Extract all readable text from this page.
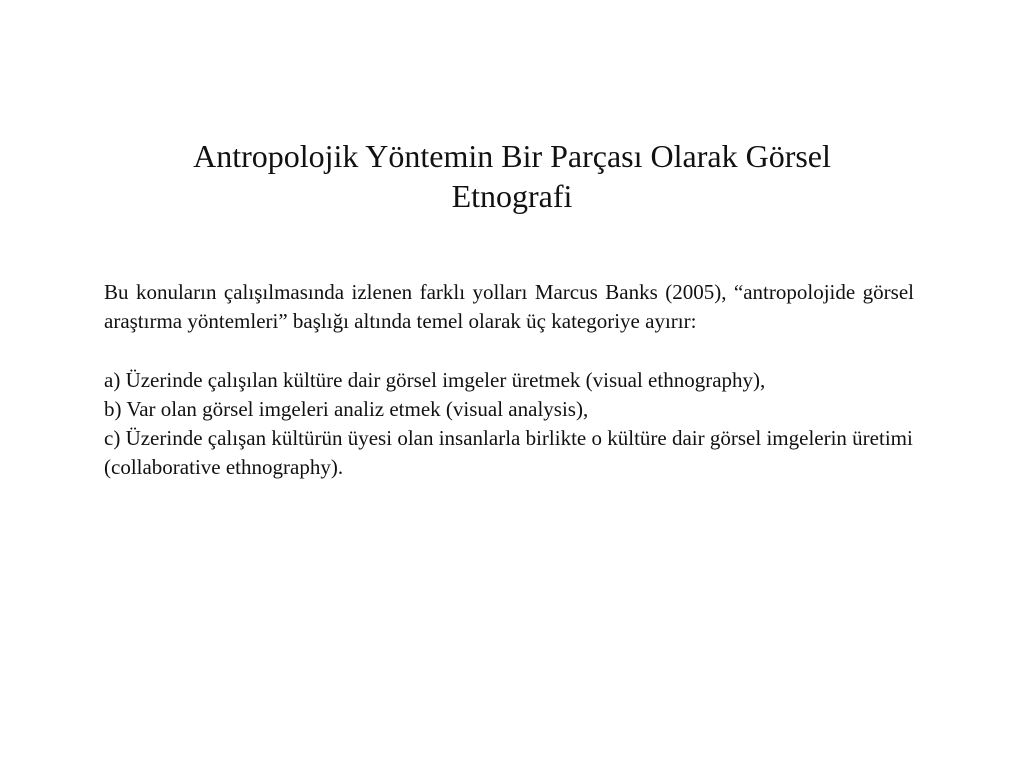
Antropolojik Yöntemin Bir Parçası Olarak Görsel
Etnografi

Bu konuların çalışılmasında izlenen farklı yolları Marcus Banks (2005), “antropolojide görsel araştırma yöntemleri” başlığı altında temel olarak üç kategoriye ayırır:

a) Üzerinde çalışılan kültüre dair görsel imgeler üretmek (visual ethnography),
b) Var olan görsel imgeleri analiz etmek (visual analysis),
c) Üzerinde çalışan kültürün üyesi olan insanlarla birlikte o kültüre dair görsel imgelerin üretimi (collaborative ethnography).
